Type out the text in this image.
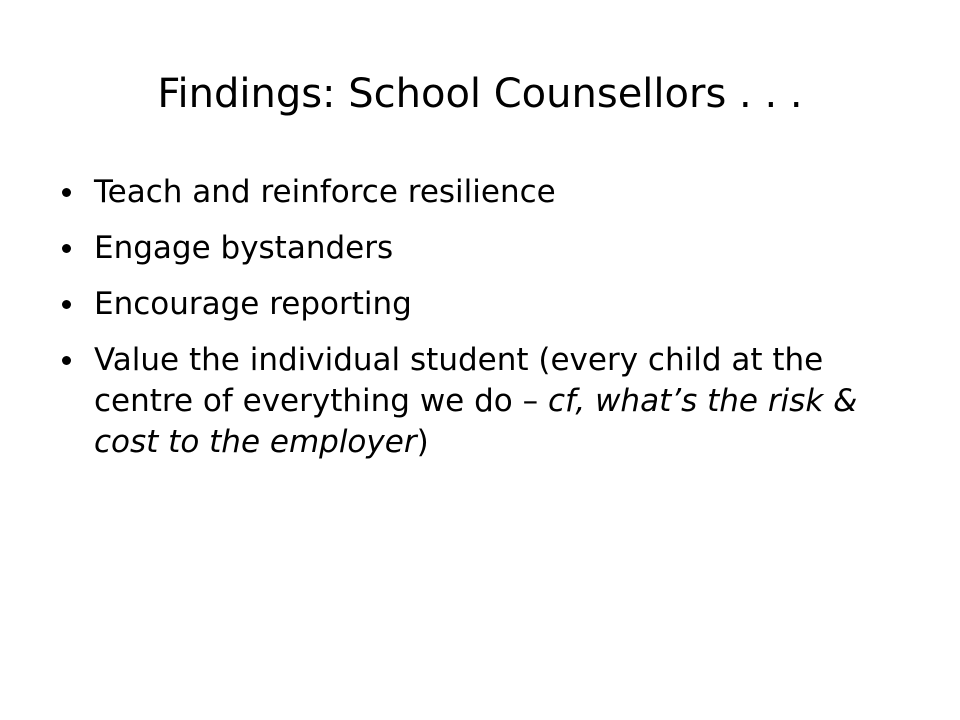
Findings: School Counsellors . . .
Teach and reinforce resilience
Engage bystanders
Encourage reporting
Value the individual student (every child at the centre of everything we do – cf, what’s the risk & cost to the employer)
